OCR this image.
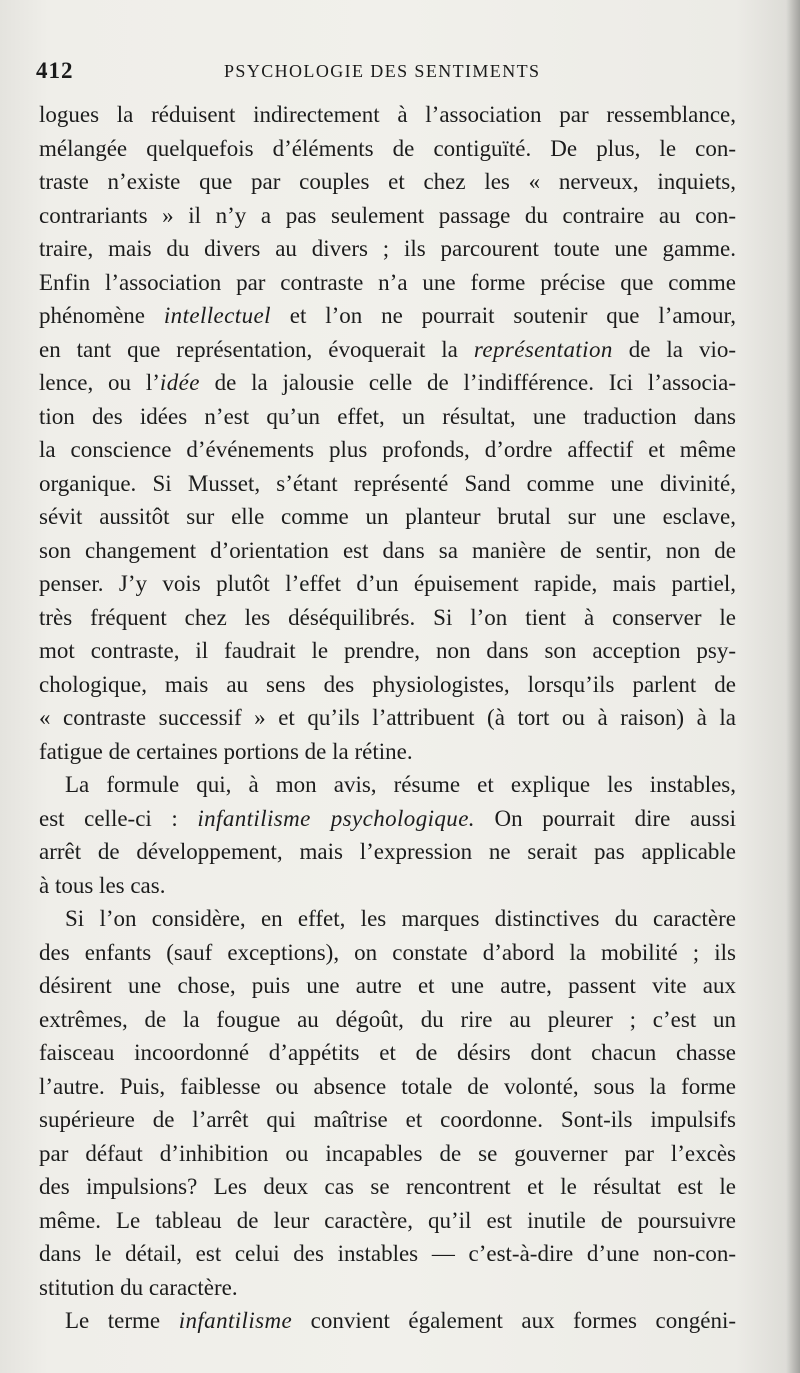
412	PSYCHOLOGIE DES SENTIMENTS
logues la réduisent indirectement à l’association par ressemblance,
mélangée quelquefois d’éléments de contiguïté. De plus, le con-
traste n’existe que par couples et chez les « nerveux, inquiets,
contrariants » il n’y a pas seulement passage du contraire au con-
traire, mais du divers au divers ; ils parcourent toute une gamme.
Enfin l’association par contraste n’a une forme précise que comme
phénomène intellectuel et l’on ne pourrait soutenir que l’amour,
en tant que représentation, évoquerait la représentation de la vio-
lence, ou l’idée de la jalousie celle de l’indifférence. Ici l’associa-
tion des idées n’est qu’un effet, un résultat, une traduction dans
la conscience d’événements plus profonds, d’ordre affectif et même
organique. Si Musset, s’étant représenté Sand comme une divinité,
sévit aussitôt sur elle comme un planteur brutal sur une esclave,
son changement d’orientation est dans sa manière de sentir, non de
penser. J’y vois plutôt l’effet d’un épuisement rapide, mais partiel,
très fréquent chez les déséquilibrés. Si l’on tient à conserver le
mot contraste, il faudrait le prendre, non dans son acception psy-
chologique, mais au sens des physiologistes, lorsqu’ils parlent de
« contraste successif » et qu’ils l’attribuent (à tort ou à raison) à la
fatigue de certaines portions de la rétine.
La formule qui, à mon avis, résume et explique les instables,
est celle-ci : infantilisme psychologique. On pourrait dire aussi
arrêt de développement, mais l’expression ne serait pas applicable
à tous les cas.
Si l’on considère, en effet, les marques distinctives du caractère
des enfants (sauf exceptions), on constate d’abord la mobilité ; ils
désirent une chose, puis une autre et une autre, passent vite aux
extrêmes, de la fougue au dégoût, du rire au pleurer ; c’est un
faisceau incoordonné d’appétits et de désirs dont chacun chasse
l’autre. Puis, faiblesse ou absence totale de volonté, sous la forme
supérieure de l’arrêt qui maîtrise et coordonne. Sont-ils impulsifs
par défaut d’inhibition ou incapables de se gouverner par l’excès
des impulsions? Les deux cas se rencontrent et le résultat est le
même. Le tableau de leur caractère, qu’il est inutile de poursuivre
dans le détail, est celui des instables — c’est-à-dire d’une non-con-
stitution du caractère.
Le terme infantilisme convient également aux formes congéni-
